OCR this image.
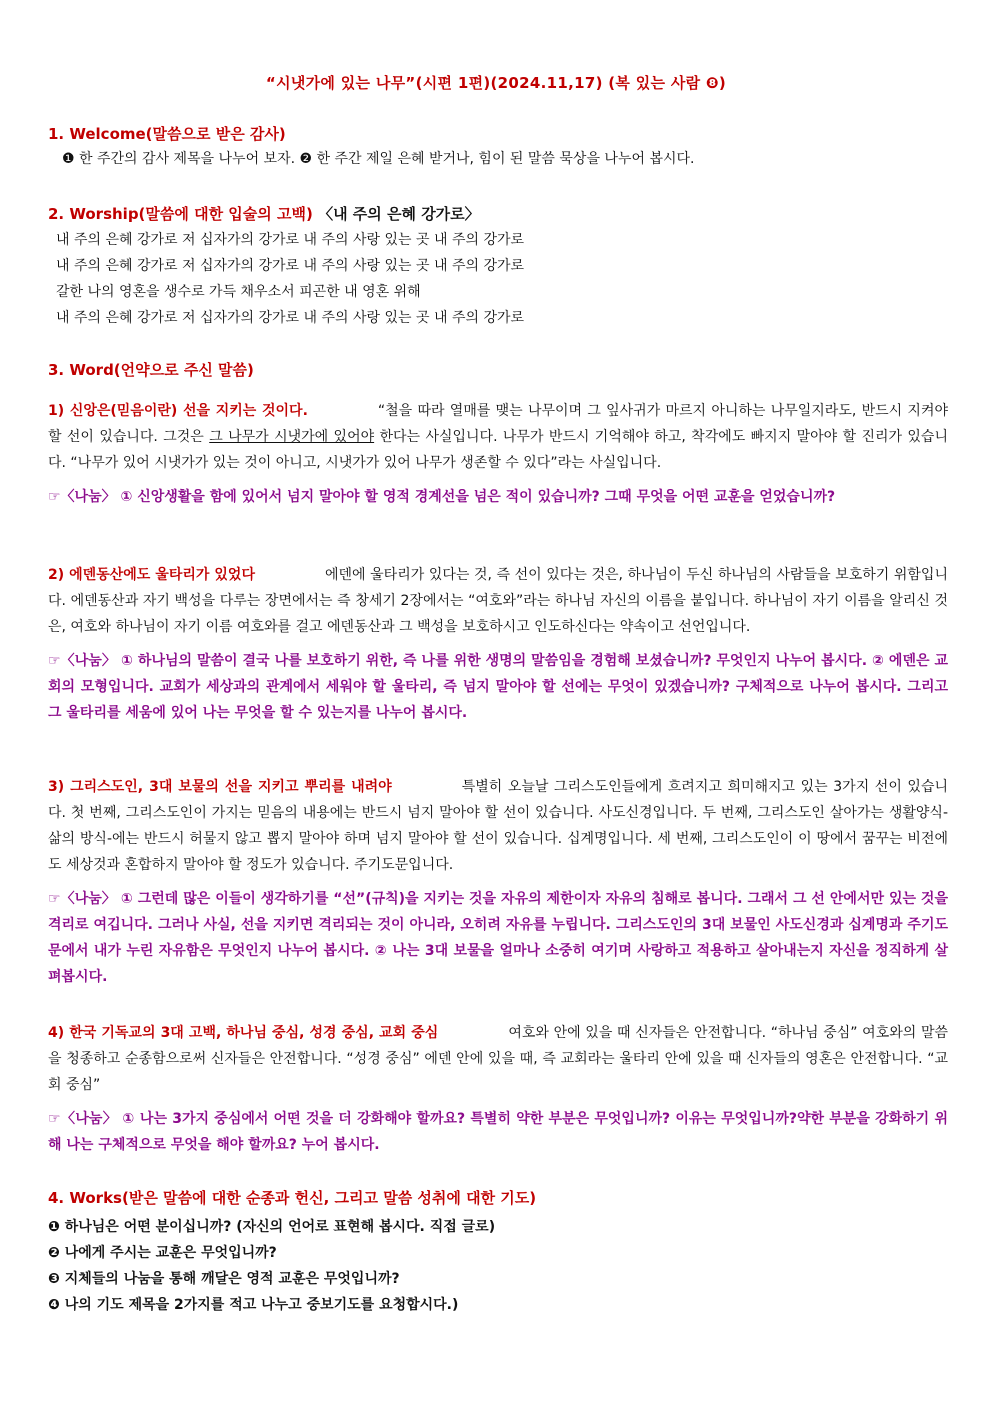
“시냇가에 있는 나무”(시편 1편)(2024.11,17) (복 있는 사람 ❽)
1. Welcome(말씀으로 받은 감사)
❶ 한 주간의 감사 제목을 나누어 보자. ❷ 한 주간 제일 은혜 받거나, 힘이 된 말씀 묵상을 나누어 봅시다.
2. Worship(말씀에 대한 입술의 고백) 〈내 주의 은혜 강가로〉
내 주의 은혜 강가로 저 십자가의 강가로 내 주의 사랑 있는 곳 내 주의 강가로
내 주의 은혜 강가로 저 십자가의 강가로 내 주의 사랑 있는 곳 내 주의 강가로
갈한 나의 영혼을 생수로 가득 채우소서 피곤한 내 영혼 위해
내 주의 은혜 강가로 저 십자가의 강가로 내 주의 사랑 있는 곳 내 주의 강가로
3. Word(언약으로 주신 말씀)
1) 신앙은(믿음이란) 선을 지키는 것이다.	“철을 따라 열매를 맺는 나무이며 그 잎사귀가 마르지 아니하는 나무일지라도, 반드시 지켜야 할 선이 있습니다. 그것은 그 나무가 시냇가에 있어야 한다는 사실입니다. 나무가 반드시 기억해야 하고, 착각에도 빠지지 말아야 할 진리가 있습니다. “나무가 있어 시냇가가 있는 것이 아니고, 시냇가가 있어 나무가 생존할 수 있다”라는 사실입니다.
☞〈나눔〉 ① 신앙생활을 함에 있어서 넘지 말아야 할 영적 경계선을 넘은 적이 있습니까? 그때 무엇을 어떤 교훈을 얻었습니까?
2) 에덴동산에도 울타리가 있었다	에덴에 울타리가 있다는 것, 즉 선이 있다는 것은, 하나님이 두신 하나님의 사람들을 보호하기 위함입니다. 에덴동산과 자기 백성을 다루는 장면에서는 즉 창세기 2장에서는 “여호와”라는 하나님 자신의 이름을 붙입니다. 하나님이 자기 이름을 알리신 것은, 여호와 하나님이 자기 이름 여호와를 걸고 에덴동산과 그 백성을 보호하시고 인도하신다는 약속이고 선언입니다.
☞〈나눔〉 ① 하나님의 말씀이 결국 나를 보호하기 위한, 즉 나를 위한 생명의 말씀임을 경험해 보셨습니까? 무엇인지 나누어 봅시다. ② 에덴은 교회의 모형입니다. 교회가 세상과의 관계에서 세워야 할 울타리, 즉 넘지 말아야 할 선에는 무엇이 있겠습니까? 구체적으로 나누어 봅시다. 그리고 그 울타리를 세움에 있어 나는 무엇을 할 수 있는지를 나누어 봅시다.
3) 그리스도인, 3대 보물의 선을 지키고 뿌리를 내려야	특별히 오늘날 그리스도인들에게 흐려지고 희미해지고 있는 3가지 선이 있습니다. 첫 번째, 그리스도인이 가지는 믿음의 내용에는 반드시 넘지 말아야 할 선이 있습니다. 사도신경입니다. 두 번째, 그리스도인 살아가는 생활양식-삶의 방식-에는 반드시 허물지 않고 뽑지 말아야 하며 넘지 말아야 할 선이 있습니다. 십계명입니다. 세 번째, 그리스도인이 이 땅에서 꿈꾸는 비전에도 세상것과 혼합하지 말아야 할 정도가 있습니다. 주기도문입니다.
☞〈나눔〉 ① 그런데 많은 이들이 생각하기를 “선”(규칙)을 지키는 것을 자유의 제한이자 자유의 침해로 봅니다. 그래서 그 선 안에서만 있는 것을 격리로 여깁니다. 그러나 사실, 선을 지키면 격리되는 것이 아니라, 오히려 자유를 누립니다. 그리스도인의 3대 보물인 사도신경과 십계명과 주기도문에서 내가 누린 자유함은 무엇인지 나누어 봅시다. ② 나는 3대 보물을 얼마나 소중히 여기며 사랑하고 적용하고 살아내는지 자신을 정직하게 살펴봅시다.
4) 한국 기독교의 3대 고백, 하나님 중심, 성경 중심, 교회 중심	여호와 안에 있을 때 신자들은 안전합니다. “하나님 중심” 여호와의 말씀을 청종하고 순종함으로써 신자들은 안전합니다. “성경 중심” 에덴 안에 있을 때, 즉 교회라는 울타리 안에 있을 때 신자들의 영혼은 안전합니다. “교회 중심”
☞〈나눔〉 ① 나는 3가지 중심에서 어떤 것을 더 강화해야 할까요? 특별히 약한 부분은 무엇입니까? 이유는 무엇입니까?약한 부분을 강화하기 위해 나는 구체적으로 무엇을 해야 할까요? 누어 봅시다.
4. Works(받은 말씀에 대한 순종과 헌신, 그리고 말씀 성취에 대한 기도)
❶ 하나님은 어떤 분이십니까? (자신의 언어로 표현해 봅시다. 직접 글로)
❷ 나에게 주시는 교훈은 무엇입니까?
❸ 지체들의 나눔을 통해 깨달은 영적 교훈은 무엇입니까?
❹ 나의 기도 제목을 2가지를 적고 나누고 중보기도를 요청합시다.)
